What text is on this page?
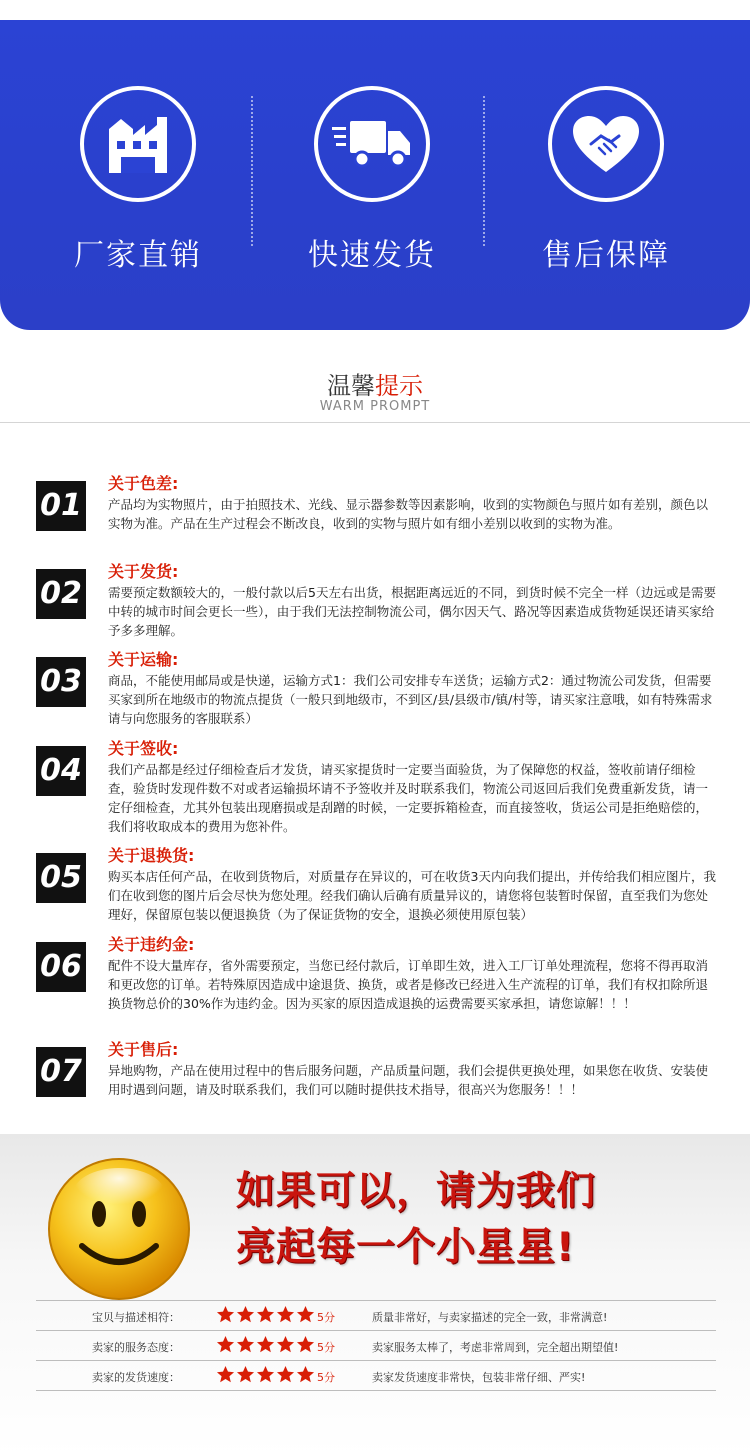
厂家直销	快速发货	售后保障
温馨提示
WARM PROMPT
01
关于色差:
产品均为实物照片，由于拍照技术、光线、显示器参数等因素影响，收到的实物颜色与照片如有差别，颜色以实物为准。产品在生产过程会不断改良，收到的实物与照片如有细小差别以收到的实物为准。
02
关于发货:
需要预定数额较大的，一般付款以后5天左右出货，根据距离远近的不同，到货时候不完全一样（边远或是需要中转的城市时间会更长一些），由于我们无法控制物流公司，偶尔因天气、路况等因素造成货物延误还请买家给予多多理解。
03
关于运输:
商品，不能使用邮局或是快递，运输方式1：我们公司安排专车送货；运输方式2：通过物流公司发货，但需要买家到所在地级市的物流点提货（一般只到地级市，不到区/县/县级市/镇/村等，请买家注意哦，如有特殊需求请与向您服务的客服联系）
04
关于签收:
我们产品都是经过仔细检查后才发货，请买家提货时一定要当面验货，为了保障您的权益，签收前请仔细检查，验货时发现件数不对或者运输损坏请不予签收并及时联系我们，物流公司返回后我们免费重新发货，请一定仔细检查，尤其外包装出现磨损或是刮蹭的时候，一定要拆箱检查，而直接签收，货运公司是拒绝赔偿的，我们将收取成本的费用为您补件。
05
关于退换货:
购买本店任何产品，在收到货物后，对质量存在异议的，可在收货3天内向我们提出，并传给我们相应图片，我们在收到您的图片后会尽快为您处理。经我们确认后确有质量异议的，请您将包装暂时保留，直至我们为您处理好，保留原包装以便退换货（为了保证货物的安全，退换必须使用原包装）
06
关于违约金:
配件不设大量库存，省外需要预定，当您已经付款后，订单即生效，进入工厂订单处理流程，您将不得再取消和更改您的订单。若特殊原因造成中途退货、换货，或者是修改已经进入生产流程的订单，我们有权扣除所退换货物总价的30%作为违约金。因为买家的原因造成退换的运费需要买家承担，请您谅解！！！
07
关于售后:
异地购物，产品在使用过程中的售后服务问题，产品质量问题，我们会提供更换处理，如果您在收货、安装使用时遇到问题，请及时联系我们，我们可以随时提供技术指导，很高兴为您服务！！！
如果可以，请为我们
亮起每一个小星星!
宝贝与描述相符：	5分	质量非常好，与卖家描述的完全一致，非常满意!
卖家的服务态度：	5分	卖家服务太棒了，考虑非常周到，完全超出期望值!
卖家的发货速度：	5分	卖家发货速度非常快，包装非常仔细、严实!
